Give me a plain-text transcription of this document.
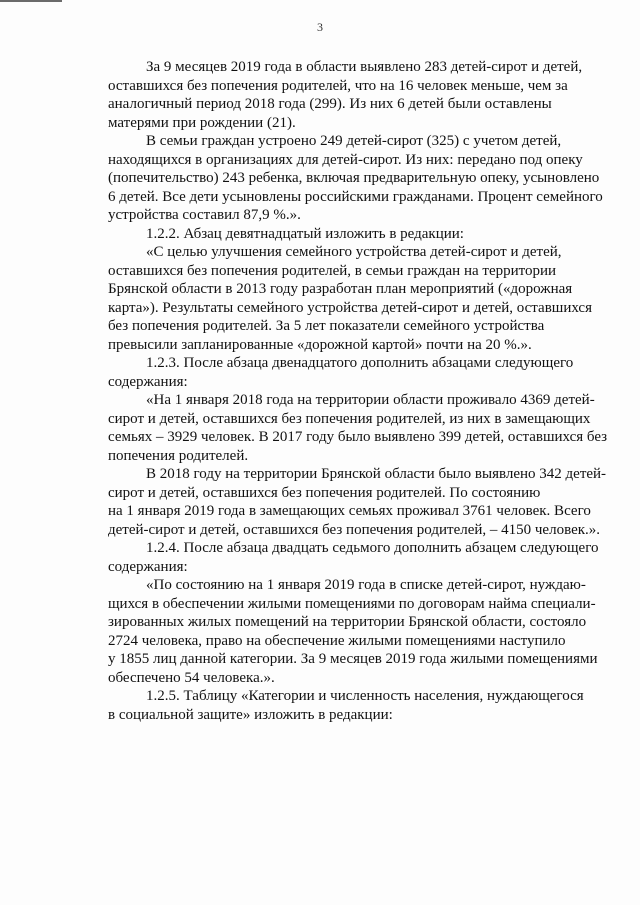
3

За 9 месяцев 2019 года в области выявлено 283 детей-сирот и детей,
оставшихся без попечения родителей, что на 16 человек меньше, чем за
аналогичный период 2018 года (299). Из них 6 детей были оставлены
матерями при рождении (21).

В семьи граждан устроено 249 детей-сирот (325) с учетом детей,
находящихся в организациях для детей-сирот. Из них: передано под опеку
(попечительство) 243 ребенка, включая предварительную опеку, усыновлено
6 детей. Все дети усыновлены российскими гражданами. Процент семейного
устройства составил 87,9 %.».

1.2.2. Абзац девятнадцатый изложить в редакции:

«С целью улучшения семейного устройства детей-сирот и детей,
оставшихся без попечения родителей, в семьи граждан на территории
Брянской области в 2013 году разработан план мероприятий («дорожная
карта»). Результаты семейного устройства детей-сирот и детей, оставшихся
без попечения родителей. За 5 лет показатели семейного устройства
превысили запланированные «дорожной картой» почти на 20 %.».

1.2.3. После абзаца двенадцатого дополнить абзацами следующего
содержания:

«На 1 января 2018 года на территории области проживало 4369 детей-
сирот и детей, оставшихся без попечения родителей, из них в замещающих
семьях – 3929 человек. В 2017 году было выявлено 399 детей, оставшихся без
попечения родителей.

В 2018 году на территории Брянской области было выявлено 342 детей-
сирот и детей, оставшихся без попечения родителей. По состоянию
на 1 января 2019 года в замещающих семьях проживал 3761 человек. Всего
детей-сирот и детей, оставшихся без попечения родителей, – 4150 человек.».

1.2.4. После абзаца двадцать седьмого дополнить абзацем следующего
содержания:

«По состоянию на 1 января 2019 года в списке детей-сирот, нуждаю-
щихся в обеспечении жилыми помещениями по договорам найма специали-
зированных жилых помещений на территории Брянской области, состояло
2724 человека, право на обеспечение жилыми помещениями наступило
у 1855 лиц данной категории. За 9 месяцев 2019 года жилыми помещениями
обеспечено 54 человека.».

1.2.5. Таблицу «Категории и численность населения, нуждающегося
в социальной защите» изложить в редакции:
